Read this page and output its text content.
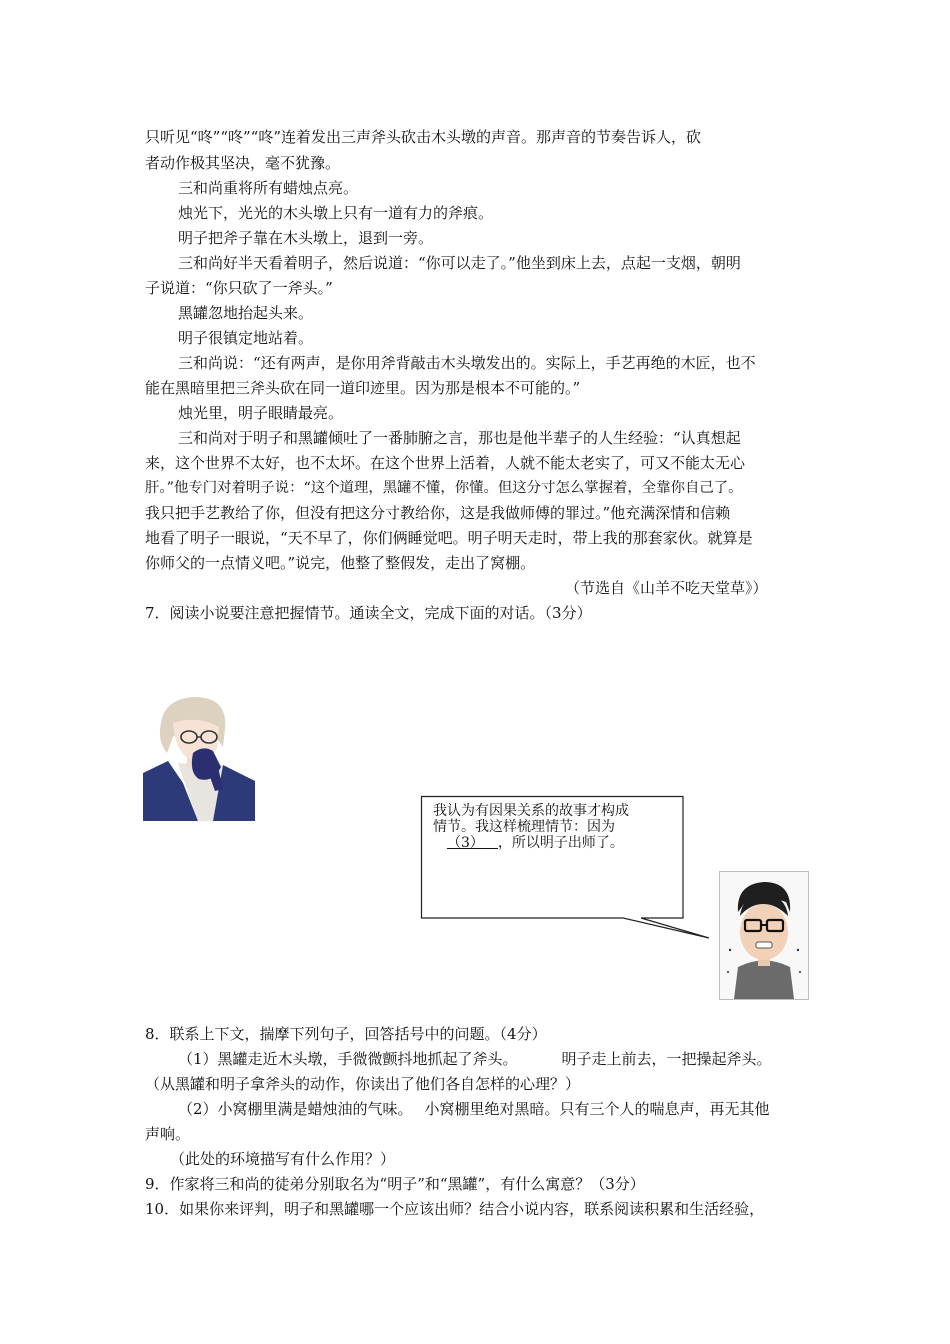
只听见“咚”“咚”“咚”连着发出三声斧头砍击木头墩的声音。那声音的节奏告诉人，砍
者动作极其坚决，毫不犹豫。
三和尚重将所有蜡烛点亮。
烛光下，光光的木头墩上只有一道有力的斧痕。
明子把斧子靠在木头墩上，退到一旁。
三和尚好半天看着明子，然后说道：“你可以走了。”他坐到床上去，点起一支烟，朝明
子说道：“你只砍了一斧头。”
黑罐忽地抬起头来。
明子很镇定地站着。
三和尚说：“还有两声，是你用斧背敲击木头墩发出的。实际上，手艺再绝的木匠，也不
能在黑暗里把三斧头砍在同一道印迹里。因为那是根本不可能的。”
烛光里，明子眼睛最亮。
三和尚对于明子和黑罐倾吐了一番肺腑之言，那也是他半辈子的人生经验：“认真想起
来，这个世界不太好，也不太坏。在这个世界上活着，人就不能太老实了，可又不能太无心
肝。”他专门对着明子说：“这个道理，黑罐不懂，你懂。但这分寸怎么掌握着，全靠你自己了。
我只把手艺教给了你，但没有把这分寸教给你，这是我做师傅的罪过。”他充满深情和信赖
地看了明子一眼说，“天不早了，你们俩睡觉吧。明子明天走时，带上我的那套家伙。就算是
你师父的一点情义吧。”说完，他整了整假发，走出了窝棚。
（节选自《山羊不吃天堂草》）
7．阅读小说要注意把握情节。通读全文，完成下面的对话。（3分）
我认为有因果关系的故事才构成
情节。我这样梳理情节：因为
 （3）  ，所以明子出师了。
8．联系上下文，揣摩下列句子，回答括号中的问题。（4分）
（1）黑罐走近木头墩，手微微颤抖地抓起了斧头。	明子走上前去，一把操起斧头。
（从黑罐和明子拿斧头的动作，你读出了他们各自怎样的心理？）
（2）小窝棚里满是蜡烛油的气味。 小窝棚里绝对黑暗。只有三个人的喘息声，再无其他
声响。
（此处的环境描写有什么作用？）
9．作家将三和尚的徒弟分别取名为“明子”和“黑罐”，有什么寓意？（3分）
10．如果你来评判，明子和黑罐哪一个应该出师？结合小说内容，联系阅读积累和生活经验，
